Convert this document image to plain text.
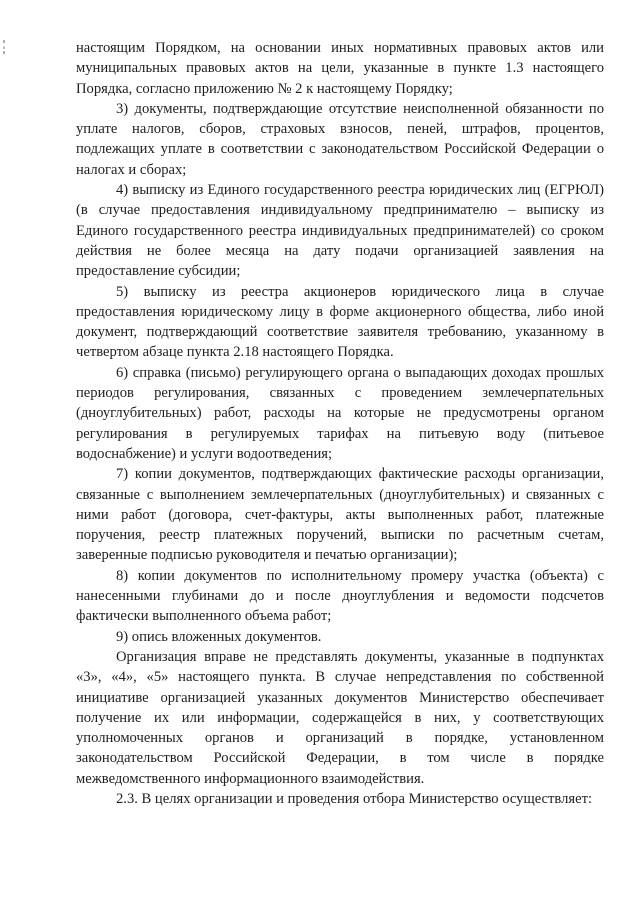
настоящим Порядком, на основании иных нормативных правовых актов или муниципальных правовых актов на цели, указанные в пункте 1.3 настоящего Порядка, согласно приложению № 2 к настоящему Порядку;

3) документы, подтверждающие отсутствие неисполненной обязанности по уплате налогов, сборов, страховых взносов, пеней, штрафов, процентов, подлежащих уплате в соответствии с законодательством Российской Федерации о налогах и сборах;

4) выписку из Единого государственного реестра юридических лиц (ЕГРЮЛ) (в случае предоставления индивидуальному предпринимателю – выписку из Единого государственного реестра индивидуальных предпринимателей) со сроком действия не более месяца на дату подачи организацией заявления на предоставление субсидии;

5) выписку из реестра акционеров юридического лица в случае предоставления юридическому лицу в форме акционерного общества, либо иной документ, подтверждающий соответствие заявителя требованию, указанному в четвертом абзаце пункта 2.18 настоящего Порядка.

6) справка (письмо) регулирующего органа о выпадающих доходах прошлых периодов регулирования, связанных с проведением землечерпательных (дноуглубительных) работ, расходы на которые не предусмотрены органом регулирования в регулируемых тарифах на питьевую воду (питьевое водоснабжение) и услуги водоотведения;

7) копии документов, подтверждающих фактические расходы организации, связанные с выполнением землечерпательных (дноуглубительных) и связанных с ними работ (договора, счет-фактуры, акты выполненных работ, платежные поручения, реестр платежных поручений, выписки по расчетным счетам, заверенные подписью руководителя и печатью организации);

8) копии документов по исполнительному промеру участка (объекта) с нанесенными глубинами до и после дноуглубления и ведомости подсчетов фактически выполненного объема работ;

9) опись вложенных документов.

Организация вправе не представлять документы, указанные в подпунктах «3», «4», «5» настоящего пункта. В случае непредставления по собственной инициативе организацией указанных документов Министерство обеспечивает получение их или информации, содержащейся в них, у соответствующих уполномоченных органов и организаций в порядке, установленном законодательством Российской Федерации, в том числе в порядке межведомственного информационного взаимодействия.

2.3. В целях организации и проведения отбора Министерство осуществляет:
